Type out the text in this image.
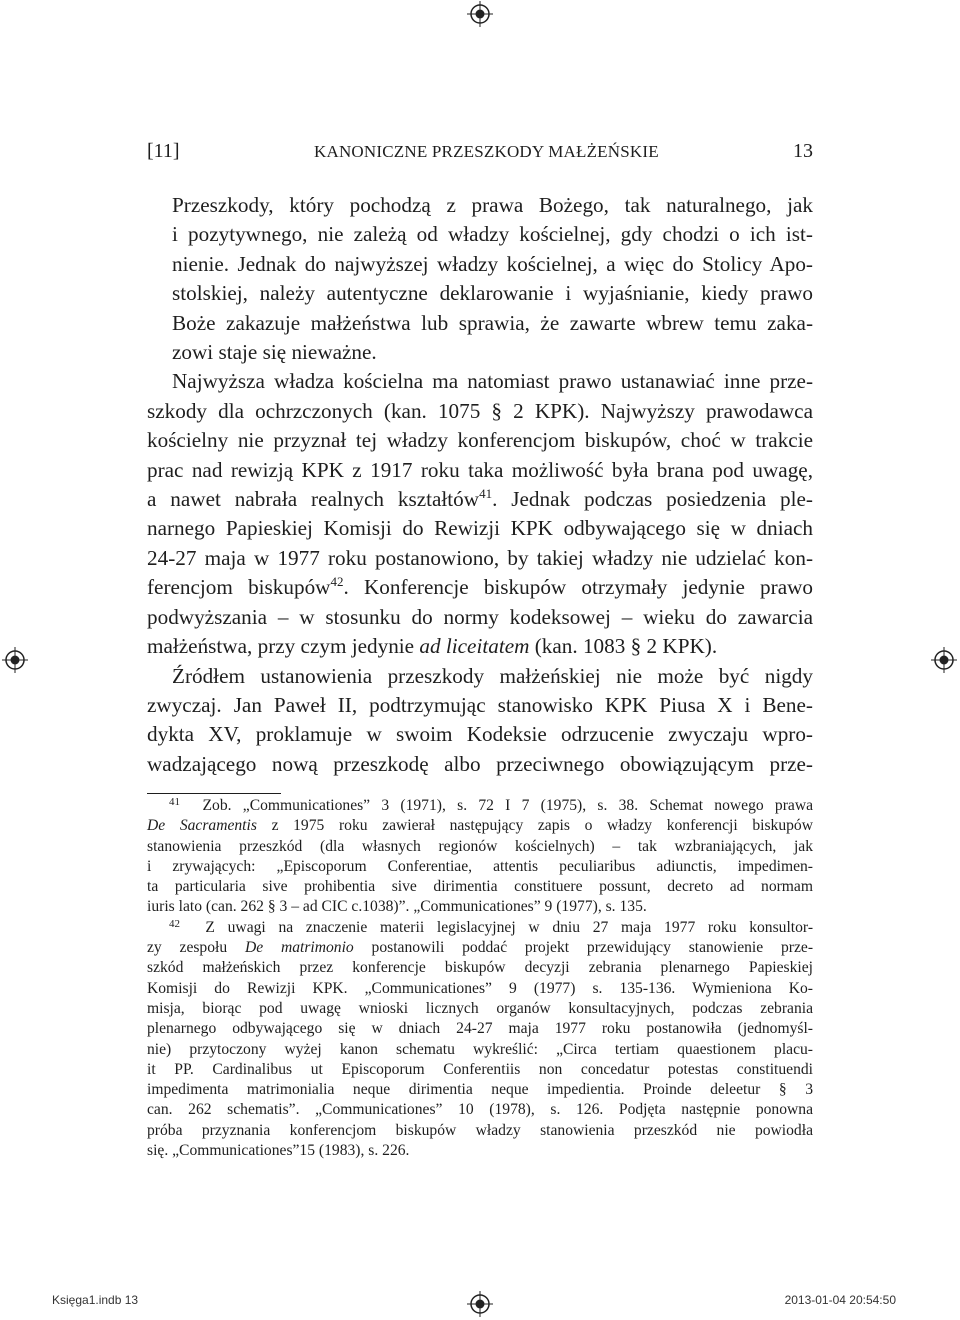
[11]	KANONICZNE PRZESZKODY MAŁŻEŃSKIE	13

Przeszkody, który pochodzą z prawa Bożego, tak naturalnego, jak
i pozytywnego, nie zależą od władzy kościelnej, gdy chodzi o ich ist-
nienie. Jednak do najwyższej władzy kościelnej, a więc do Stolicy Apo-
stolskiej, należy autentyczne deklarowanie i wyjaśnianie, kiedy prawo
Boże zakazuje małżeństwa lub sprawia, że zawarte wbrew temu zaka-
zowi staje się nieważne.

Najwyższa władza kościelna ma natomiast prawo ustanawiać inne prze-
szkody dla ochrzczonych (kan. 1075 § 2 KPK). Najwyższy prawodawca
kościelny nie przyznał tej władzy konferencjom biskupów, choć w trakcie
prac nad rewizją KPK z 1917 roku taka możliwość była brana pod uwagę,
a nawet nabrała realnych kształtów$^{41}$. Jednak podczas posiedzenia ple-
narnego Papieskiej Komisji do Rewizji KPK odbywającego się w dniach
24-27 maja w 1977 roku postanowiono, by takiej władzy nie udzielać kon-
ferencjom biskupów$^{42}$. Konferencje biskupów otrzymały jedynie prawo
podwyższania – w stosunku do normy kodeksowej – wieku do zawarcia
małżeństwa, przy czym jedynie ad liceitatem (kan. 1083 § 2 KPK).

Źródłem ustanowienia przeszkody małżeńskiej nie może być nigdy
zwyczaj. Jan Paweł II, podtrzymując stanowisko KPK Piusa X i Bene-
dykta XV, proklamuje w swoim Kodeksie odrzucenie zwyczaju wpro-
wadzającego nową przeszkodę albo przeciwnego obowiązującym prze-

$^{41}$ Zob. „Communicationes” 3 (1971), s. 72 I 7 (1975), s. 38. Schemat nowego prawa
De Sacramentis z 1975 roku zawierał następujący zapis o władzy konferencji biskupów
stanowienia przeszkód (dla własnych regionów kościelnych) – tak wzbraniających, jak
i zrywających: „Episcoporum Conferentiae, attentis peculiaribus adiunctis, impedimen-
ta particularia sive prohibentia sive dirimentia constituere possunt, decreto ad normam
iuris lato (can. 262 § 3 – ad CIC c.1038)”. „Communicationes” 9 (1977), s. 135.
$^{42}$ Z uwagi na znaczenie materii legislacyjnej w dniu 27 maja 1977 roku konsultor-
zy zespołu De matrimonio postanowili poddać projekt przewidujący stanowienie prze-
szkód małżeńskich przez konferencje biskupów decyzji zebrania plenarnego Papieskiej
Komisji do Rewizji KPK. „Communicationes” 9 (1977) s. 135-136. Wymieniona Ko-
misja, biorąc pod uwagę wnioski licznych organów konsultacyjnych, podczas zebrania
plenarnego odbywającego się w dniach 24-27 maja 1977 roku postanowiła (jednomyśl-
nie) przytoczony wyżej kanon schematu wykreślić: „Circa tertiam quaestionem placu-
it PP. Cardinalibus ut Episcoporum Conferentiis non concedatur potestas constituendi
impedimenta matrimonialia neque dirimentia neque impedientia. Proinde deleetur § 3
can. 262 schematis”. „Communicationes” 10 (1978), s. 126. Podjęta następnie ponowna
próba przyznania konferencjom biskupów władzy stanowienia przeszkód nie powiodła
się. „Communicationes”15 (1983), s. 226.
Księga1.indb 13	2013-01-04 20:54:50
